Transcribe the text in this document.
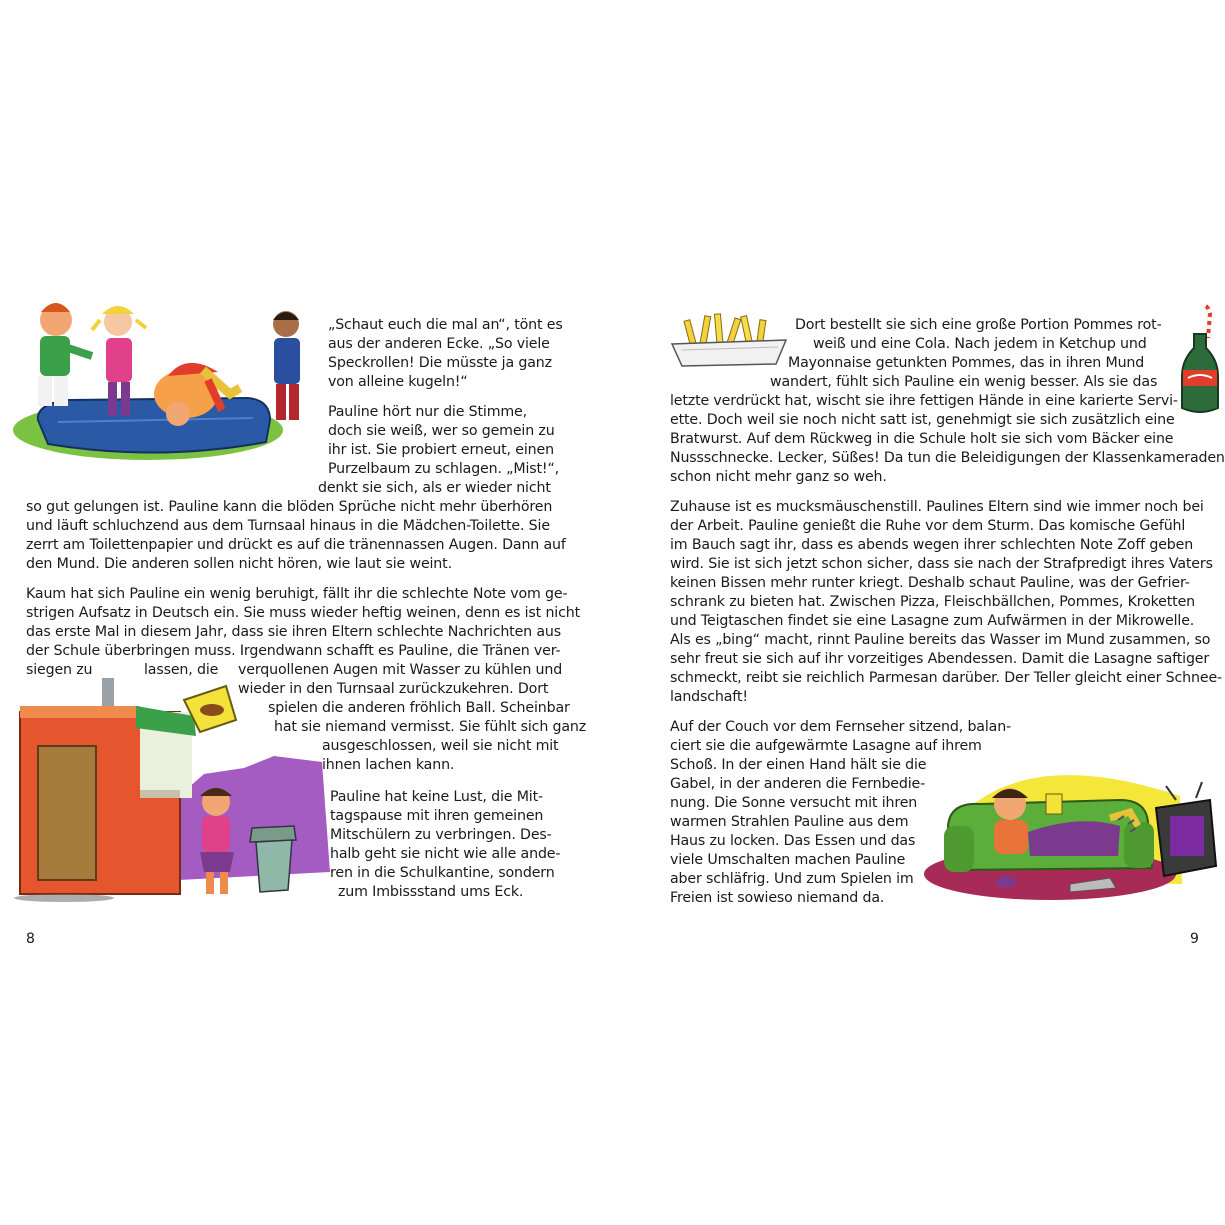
„Schaut euch die mal an“, tönt es
aus der anderen Ecke. „So viele
Speckrollen! Die müsste ja ganz
von alleine kugeln!“
Pauline hört nur die Stimme,
doch sie weiß, wer so gemein zu
ihr ist. Sie probiert erneut, einen
Purzelbaum zu schlagen. „Mist!“,
denkt sie sich, als er wieder nicht
so gut gelungen ist. Pauline kann die blöden Sprüche nicht mehr überhören
und läuft schluchzend aus dem Turnsaal hinaus in die Mädchen-Toilette. Sie
zerrt am Toilettenpapier und drückt es auf die tränennassen Augen. Dann auf
den Mund. Die anderen sollen nicht hören, wie laut sie weint.
Kaum hat sich Pauline ein wenig beruhigt, fällt ihr die schlechte Note vom ge-
strigen Aufsatz in Deutsch ein. Sie muss wieder heftig weinen, denn es ist nicht
das erste Mal in diesem Jahr, dass sie ihren Eltern schlechte Nachrichten aus
der Schule überbringen muss. Irgendwann schafft es Pauline, die Tränen ver-
siegen zu	lassen, die verquollenen Augen mit Wasser zu kühlen und
wieder in den Turnsaal zurückzukehren. Dort
spielen die anderen fröhlich Ball. Scheinbar
hat sie niemand vermisst. Sie fühlt sich ganz
ausgeschlossen, weil sie nicht mit
ihnen lachen kann.
Pauline hat keine Lust, die Mit-
tagspause mit ihren gemeinen
Mitschülern zu verbringen. Des-
halb geht sie nicht wie alle ande-
ren in die Schulkantine, sondern
zum Imbissstand ums Eck.
8
Dort bestellt sie sich eine große Portion Pommes rot-
weiß und eine Cola. Nach jedem in Ketchup und
Mayonnaise getunkten Pommes, das in ihren Mund
wandert, fühlt sich Pauline ein wenig besser. Als sie das
letzte verdrückt hat, wischt sie ihre fettigen Hände in eine karierte Servi-
ette. Doch weil sie noch nicht satt ist, genehmigt sie sich zusätzlich eine
Bratwurst. Auf dem Rückweg in die Schule holt sie sich vom Bäcker eine
Nussschnecke. Lecker, Süßes! Da tun die Beleidigungen der Klassenkameraden
schon nicht mehr ganz so weh.
Zuhause ist es mucksmäuschenstill. Paulines Eltern sind wie immer noch bei
der Arbeit. Pauline genießt die Ruhe vor dem Sturm. Das komische Gefühl
im Bauch sagt ihr, dass es abends wegen ihrer schlechten Note Zoff geben
wird. Sie ist sich jetzt schon sicher, dass sie nach der Strafpredigt ihres Vaters
keinen Bissen mehr runter kriegt. Deshalb schaut Pauline, was der Gefrier-
schrank zu bieten hat. Zwischen Pizza, Fleischbällchen, Pommes, Kroketten
und Teigtaschen findet sie eine Lasagne zum Aufwärmen in der Mikrowelle.
Als es „bing“ macht, rinnt Pauline bereits das Wasser im Mund zusammen, so
sehr freut sie sich auf ihr vorzeitiges Abendessen. Damit die Lasagne saftiger
schmeckt, reibt sie reichlich Parmesan darüber. Der Teller gleicht einer Schnee-
landschaft!
Auf der Couch vor dem Fernseher sitzend, balan-
ciert sie die aufgewärmte Lasagne auf ihrem
Schoß. In der einen Hand hält sie die
Gabel, in der anderen die Fernbedie-
nung. Die Sonne versucht mit ihren
warmen Strahlen Pauline aus dem
Haus zu locken. Das Essen und das
viele Umschalten machen Pauline
aber schläfrig. Und zum Spielen im
Freien ist sowieso niemand da.
9
